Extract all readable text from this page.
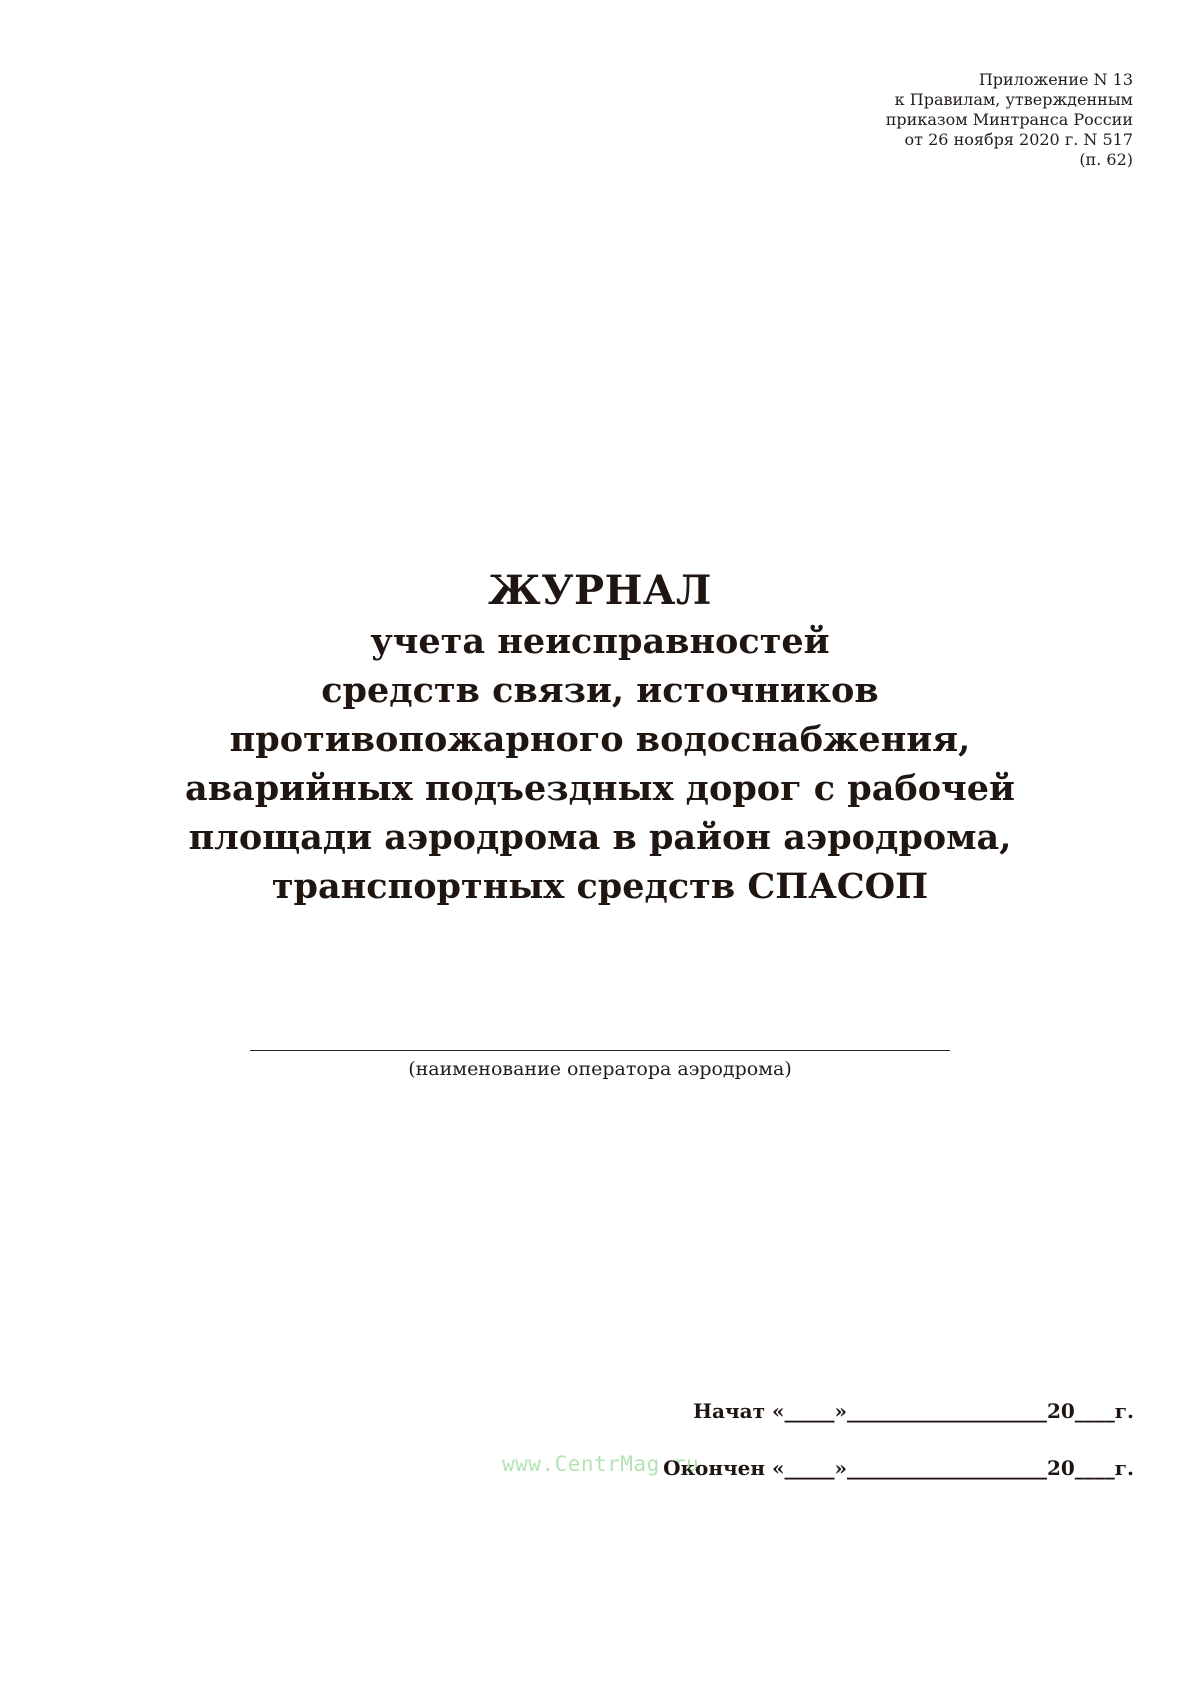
Приложение N 13
к Правилам, утвержденным
приказом Минтранса России
от 26 ноября 2020 г. N 517
(п. 62)
ЖУРНАЛ
учета неисправностей
средств связи, источников
противопожарного водоснабжения,
аварийных подъездных дорог с рабочей
площади аэродрома в район аэродрома,
транспортных средств СПАСОП
(наименование оператора аэродрома)
www.CentrMag.ru
Начат «_____»____________________20____г.
Окончен «_____»____________________20____г.
